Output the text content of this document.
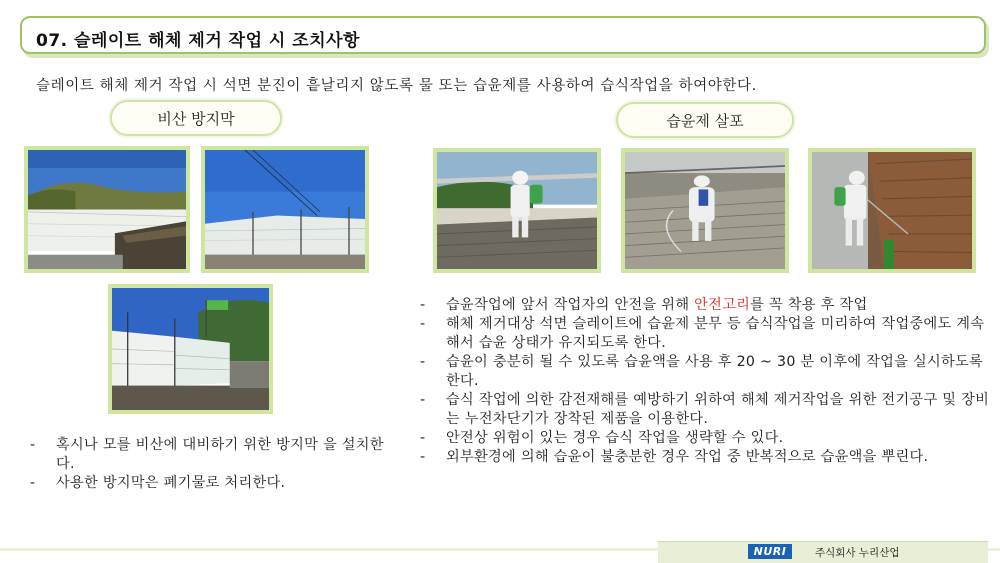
07. 슬레이트 해체 제거 작업 시 조치사항
슬레이트 해체 제거 작업 시 석면 분진이 흩날리지 않도록 물 또는 습윤제를 사용하여 습식작업을 하여야한다.
비산 방지막	습윤제 살포
- 혹시나 모를 비산에 대비하기 위한 방지막 을 설치한다.
- 사용한 방지막은 폐기물로 처리한다.
- 습윤작업에 앞서 작업자의 안전을 위해 안전고리를 꼭 착용 후 작업
- 해체 제거대상 석면 슬레이트에 습윤제 분무 등 습식작업을 미리하여 작업중에도 계속해서 습윤 상태가 유지되도록 한다.
- 습윤이 충분히 될 수 있도록 습윤액을 사용 후 20 ~ 30 분 이후에 작업을 실시하도록 한다.
- 습식 작업에 의한 감전재해를 예방하기 위하여 해체 제거작업을 위한 전기공구 및 장비는 누전차단기가 장착된 제품을 이용한다.
- 안전상 위험이 있는 경우 습식 작업을 생략할 수 있다.
- 외부환경에 의해 습윤이 불충분한 경우 작업 중 반복적으로 습윤액을 뿌린다.
NURI	주식회사 누리산업
